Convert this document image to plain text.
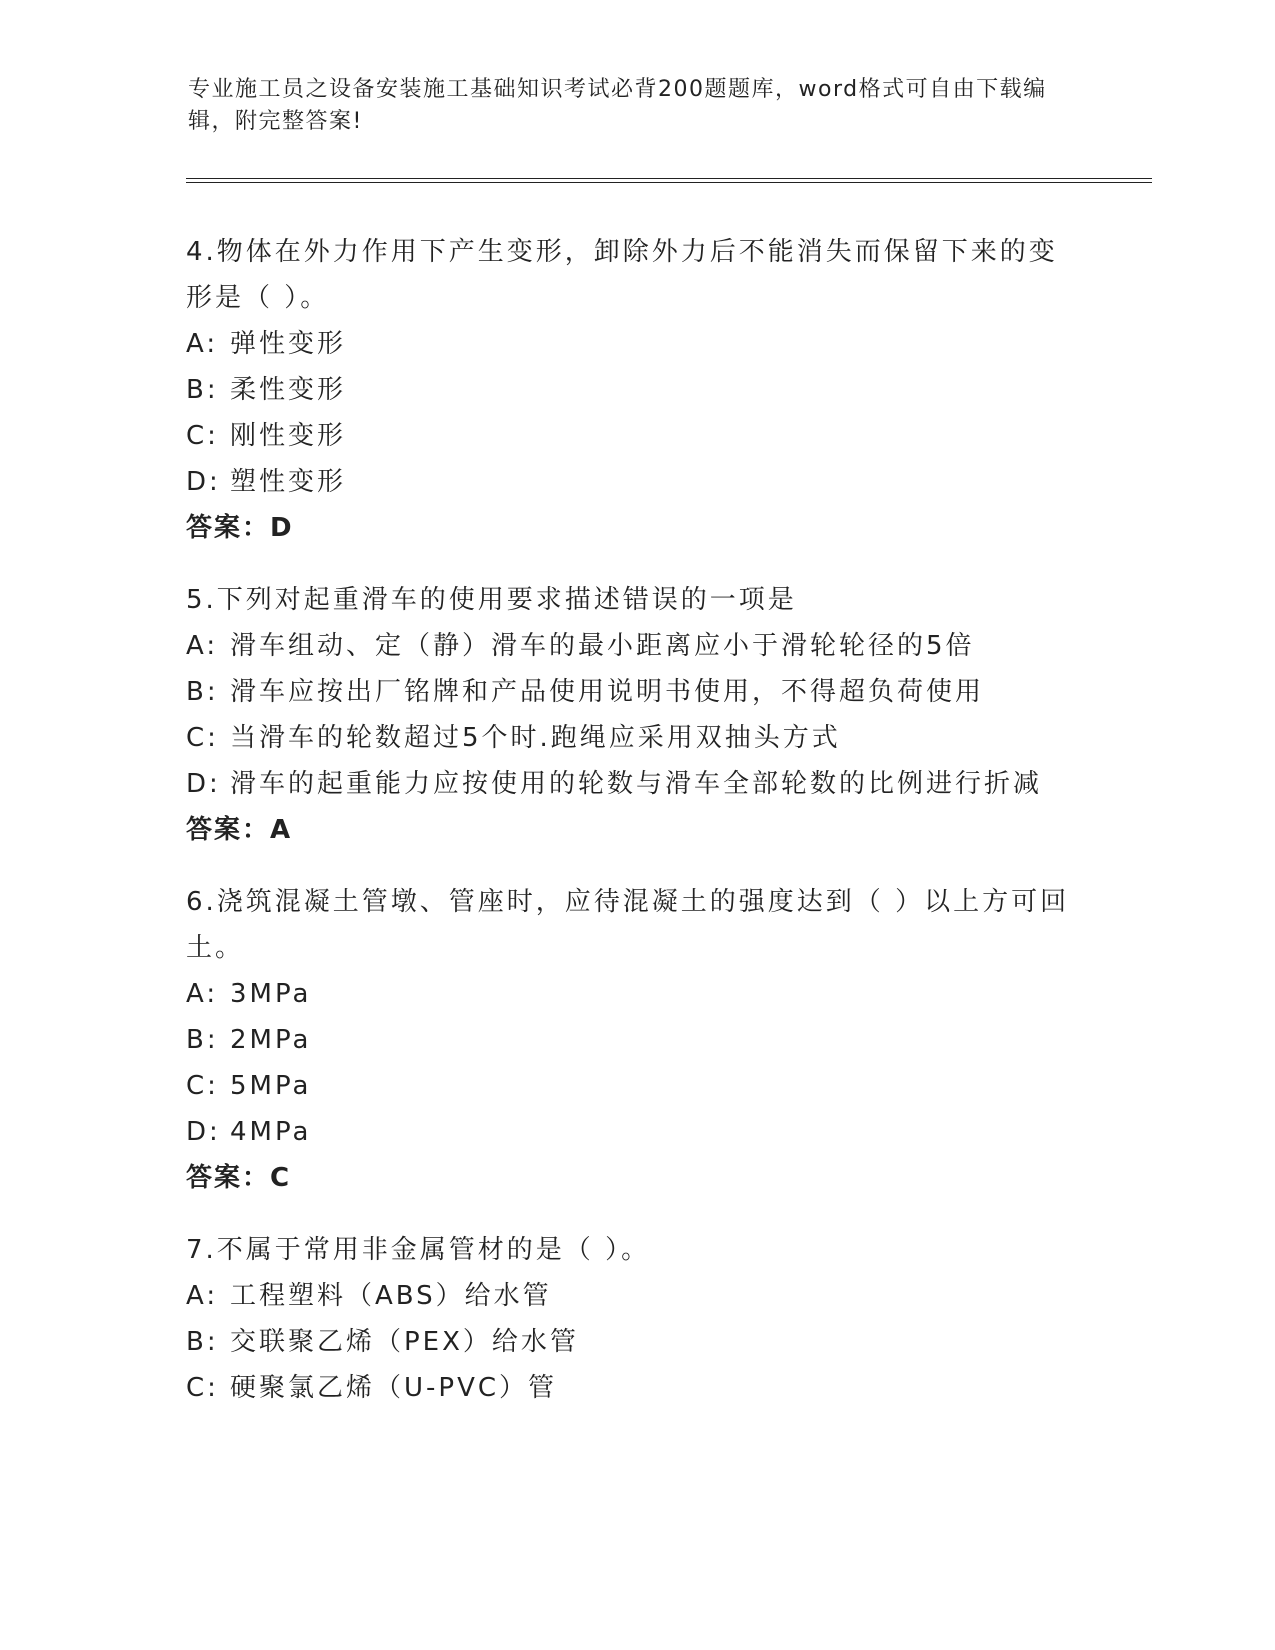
专业施工员之设备安装施工基础知识考试必背200题题库，word格式可自由下载编辑，附完整答案!
4.物体在外力作用下产生变形，卸除外力后不能消失而保留下来的变形是（ ）。
A: 弹性变形
B: 柔性变形
C: 刚性变形
D: 塑性变形
答案：D
5.下列对起重滑车的使用要求描述错误的一项是
A: 滑车组动、定（静）滑车的最小距离应小于滑轮轮径的5倍
B: 滑车应按出厂铭牌和产品使用说明书使用，不得超负荷使用
C: 当滑车的轮数超过5个时.跑绳应采用双抽头方式
D: 滑车的起重能力应按使用的轮数与滑车全部轮数的比例进行折减
答案：A
6.浇筑混凝土管墩、管座时，应待混凝土的强度达到（ ）以上方可回土。
A: 3MPa
B: 2MPa
C: 5MPa
D: 4MPa
答案：C
7.不属于常用非金属管材的是（ ）。
A: 工程塑料（ABS）给水管
B: 交联聚乙烯（PEX）给水管
C: 硬聚氯乙烯（U-PVC）管
